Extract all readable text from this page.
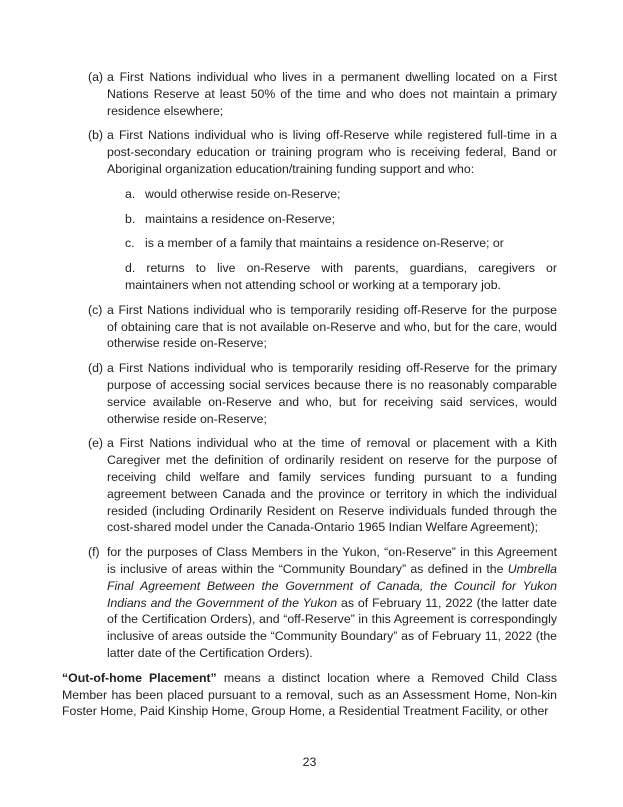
(a) a First Nations individual who lives in a permanent dwelling located on a First
Nations Reserve at least 50% of the time and who does not maintain a primary
residence elsewhere;
(b) a First Nations individual who is living off-Reserve while registered full-time in a
post-secondary education or training program who is receiving federal, Band or
Aboriginal organization education/training funding support and who:
a. would otherwise reside on-Reserve;
b. maintains a residence on-Reserve;
c. is a member of a family that maintains a residence on-Reserve; or
d. returns to live on-Reserve with parents, guardians, caregivers or
maintainers when not attending school or working at a temporary job.
(c) a First Nations individual who is temporarily residing off-Reserve for the purpose
of obtaining care that is not available on-Reserve and who, but for the care, would
otherwise reside on-Reserve;
(d) a First Nations individual who is temporarily residing off-Reserve for the primary
purpose of accessing social services because there is no reasonably comparable
service available on-Reserve and who, but for receiving said services, would
otherwise reside on-Reserve;
(e) a First Nations individual who at the time of removal or placement with a Kith
Caregiver met the definition of ordinarily resident on reserve for the purpose of
receiving child welfare and family services funding pursuant to a funding
agreement between Canada and the province or territory in which the individual
resided (including Ordinarily Resident on Reserve individuals funded through the
cost-shared model under the Canada-Ontario 1965 Indian Welfare Agreement);
(f) for the purposes of Class Members in the Yukon, “on-Reserve” in this Agreement
is inclusive of areas within the “Community Boundary” as defined in the Umbrella
Final Agreement Between the Government of Canada, the Council for Yukon
Indians and the Government of the Yukon as of February 11, 2022 (the latter date
of the Certification Orders), and “off-Reserve” in this Agreement is correspondingly
inclusive of areas outside the “Community Boundary” as of February 11, 2022 (the
latter date of the Certification Orders).
“Out-of-home Placement” means a distinct location where a Removed Child Class
Member has been placed pursuant to a removal, such as an Assessment Home, Non-kin
Foster Home, Paid Kinship Home, Group Home, a Residential Treatment Facility, or other
23
